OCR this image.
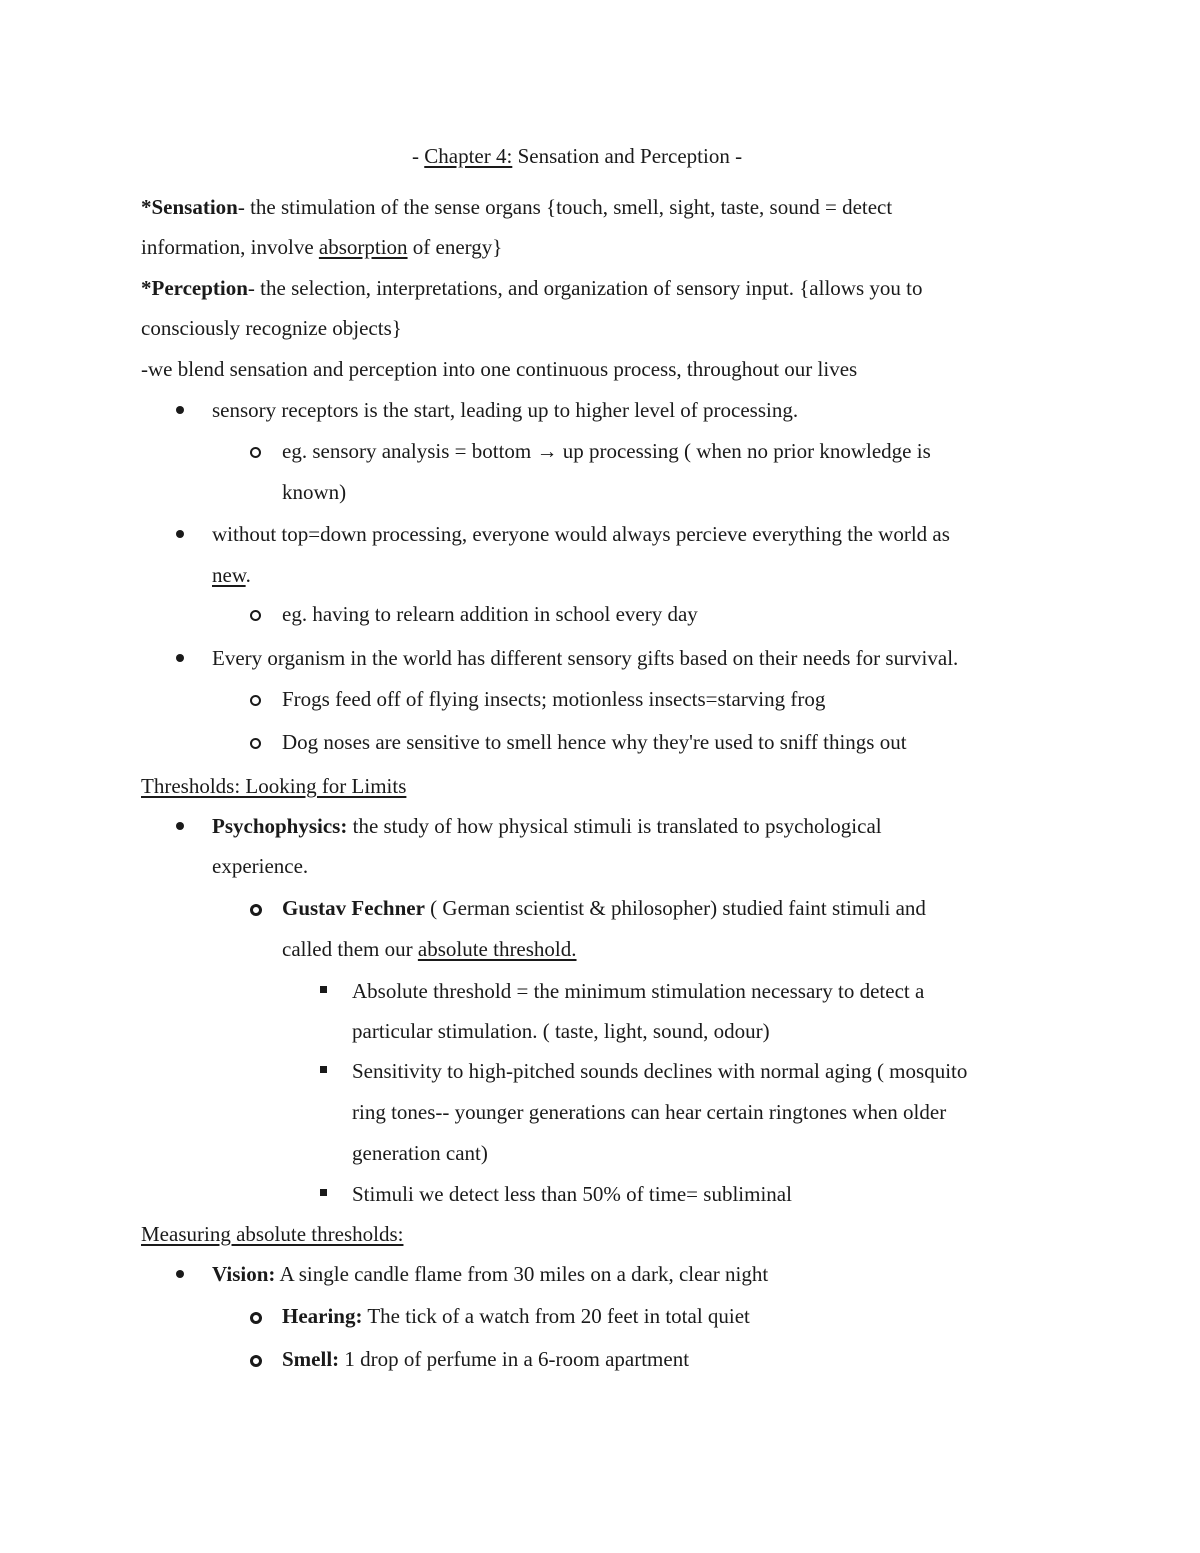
- Chapter 4: Sensation and Perception -
*Sensation- the stimulation of the sense organs {touch, smell, sight, taste, sound = detect
information, involve absorption of energy}
*Perception- the selection, interpretations, and organization of sensory input. {allows you to
consciously recognize objects}
-we blend sensation and perception into one continuous process, throughout our lives
sensory receptors is the start, leading up to higher level of processing.
eg. sensory analysis = bottom → up processing ( when no prior knowledge is
known)
without top=down processing, everyone would always percieve everything the world as
new.
eg. having to relearn addition in school every day
Every organism in the world has different sensory gifts based on their needs for survival.
Frogs feed off of flying insects; motionless insects=starving frog
Dog noses are sensitive to smell hence why they're used to sniff things out
Thresholds: Looking for Limits
Psychophysics: the study of how physical stimuli is translated to psychological
experience.
Gustav Fechner ( German scientist & philosopher) studied faint stimuli and
called them our absolute threshold.
Absolute threshold = the minimum stimulation necessary to detect a
particular stimulation. ( taste, light, sound, odour)
Sensitivity to high-pitched sounds declines with normal aging ( mosquito
ring tones-- younger generations can hear certain ringtones when older
generation cant)
Stimuli we detect less than 50% of time= subliminal
Measuring absolute thresholds:
Vision: A single candle flame from 30 miles on a dark, clear night
Hearing: The tick of a watch from 20 feet in total quiet
Smell: 1 drop of perfume in a 6-room apartment
